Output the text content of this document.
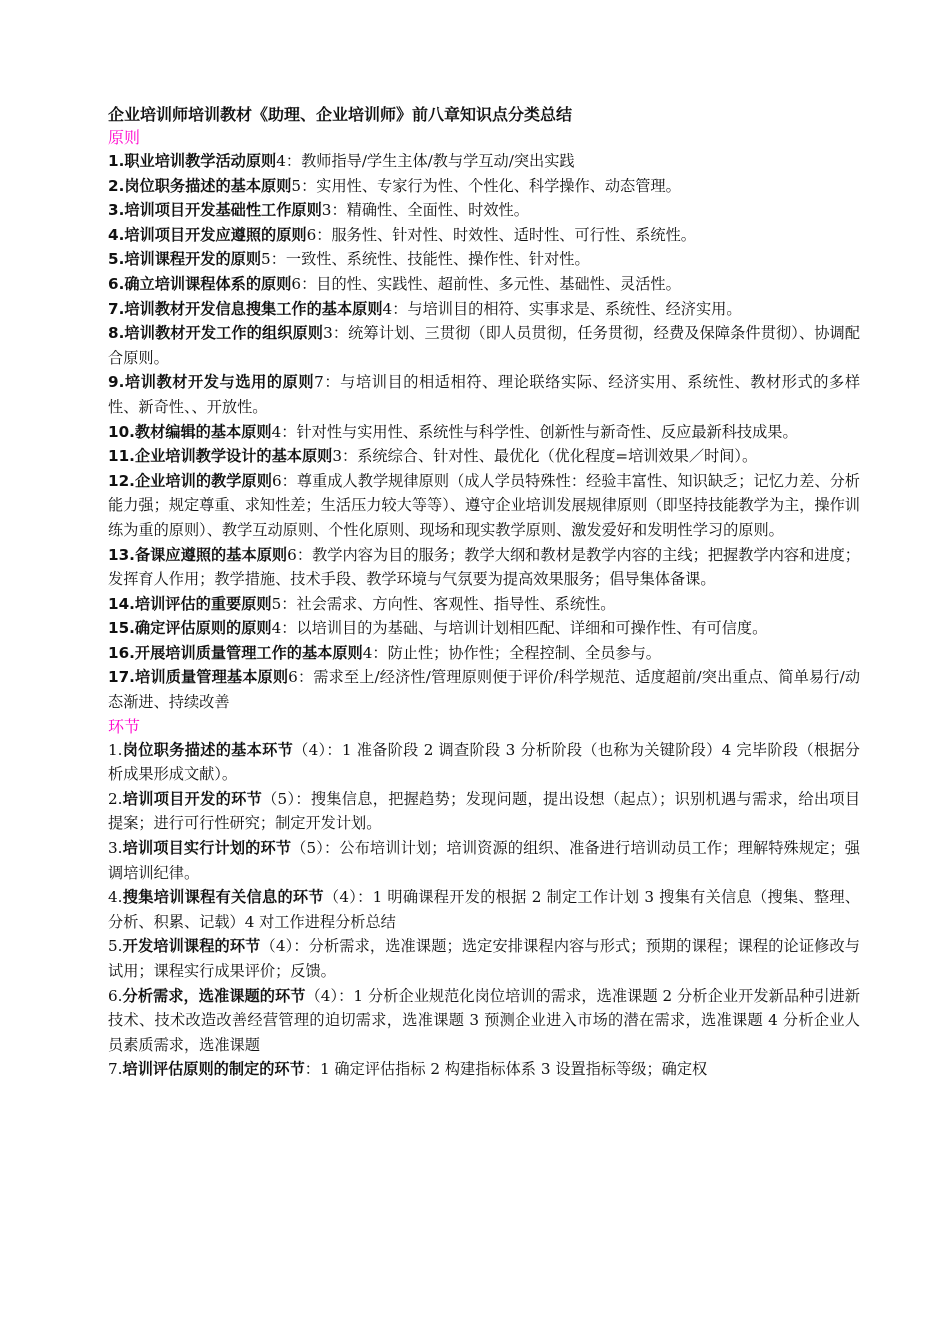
企业培训师培训教材《助理、企业培训师》前八章知识点分类总结
原则
1.职业培训教学活动原则4：教师指导/学生主体/教与学互动/突出实践
2.岗位职务描述的基本原则5：实用性、专家行为性、个性化、科学操作、动态管理。
3.培训项目开发基础性工作原则3：精确性、全面性、时效性。
4.培训项目开发应遵照的原则6：服务性、针对性、时效性、适时性、可行性、系统性。
5.培训课程开发的原则5：一致性、系统性、技能性、操作性、针对性。
6.确立培训课程体系的原则6：目的性、实践性、超前性、多元性、基础性、灵活性。
7.培训教材开发信息搜集工作的基本原则4：与培训目的相符、实事求是、系统性、经济实用。
8.培训教材开发工作的组织原则3：统筹计划、三贯彻（即人员贯彻，任务贯彻，经费及保障条件贯彻）、协调配合原则。
9.培训教材开发与选用的原则7：与培训目的相适相符、理论联络实际、经济实用、系统性、教材形式的多样性、新奇性、、开放性。
10.教材编辑的基本原则4：针对性与实用性、系统性与科学性、创新性与新奇性、反应最新科技成果。
11.企业培训教学设计的基本原则3：系统综合、针对性、最优化（优化程度=培训效果／时间）。
12.企业培训的教学原则6：尊重成人教学规律原则（成人学员特殊性：经验丰富性、知识缺乏；记忆力差、分析能力强；规定尊重、求知性差；生活压力较大等等）、遵守企业培训发展规律原则（即坚持技能教学为主，操作训练为重的原则）、教学互动原则、个性化原则、现场和现实教学原则、激发爱好和发明性学习的原则。
13.备课应遵照的基本原则6：教学内容为目的服务；教学大纲和教材是教学内容的主线；把握教学内容和进度；发挥育人作用；教学措施、技术手段、教学环境与气氛要为提高效果服务；倡导集体备课。
14.培训评估的重要原则5：社会需求、方向性、客观性、指导性、系统性。
15.确定评估原则的原则4：以培训目的为基础、与培训计划相匹配、详细和可操作性、有可信度。
16.开展培训质量管理工作的基本原则4：防止性；协作性；全程控制、全员参与。
17.培训质量管理基本原则6：需求至上/经济性/管理原则便于评价/科学规范、适度超前/突出重点、简单易行/动态渐进、持续改善
环节
1.岗位职务描述的基本环节（4）：1 准备阶段 2 调查阶段 3 分析阶段（也称为关键阶段）4 完毕阶段（根据分析成果形成文献）。
2.培训项目开发的环节（5）：搜集信息，把握趋势；发现问题，提出设想（起点）；识别机遇与需求，给出项目提案；进行可行性研究；制定开发计划。
3.培训项目实行计划的环节（5）：公布培训计划；培训资源的组织、准备进行培训动员工作；理解特殊规定；强调培训纪律。
4.搜集培训课程有关信息的环节（4）：1 明确课程开发的根据 2 制定工作计划 3 搜集有关信息（搜集、整理、分析、积累、记载）4 对工作进程分析总结
5.开发培训课程的环节（4）：分析需求，选准课题；选定安排课程内容与形式；预期的课程；课程的论证修改与试用；课程实行成果评价；反馈。
6.分析需求，选准课题的环节（4）：1 分析企业规范化岗位培训的需求，选准课题 2 分析企业开发新品种引进新技术、技术改造改善经营管理的迫切需求，选准课题 3 预测企业进入市场的潜在需求，选准课题 4 分析企业人员素质需求，选准课题
7.培训评估原则的制定的环节：1 确定评估指标 2 构建指标体系 3 设置指标等级；确定权
